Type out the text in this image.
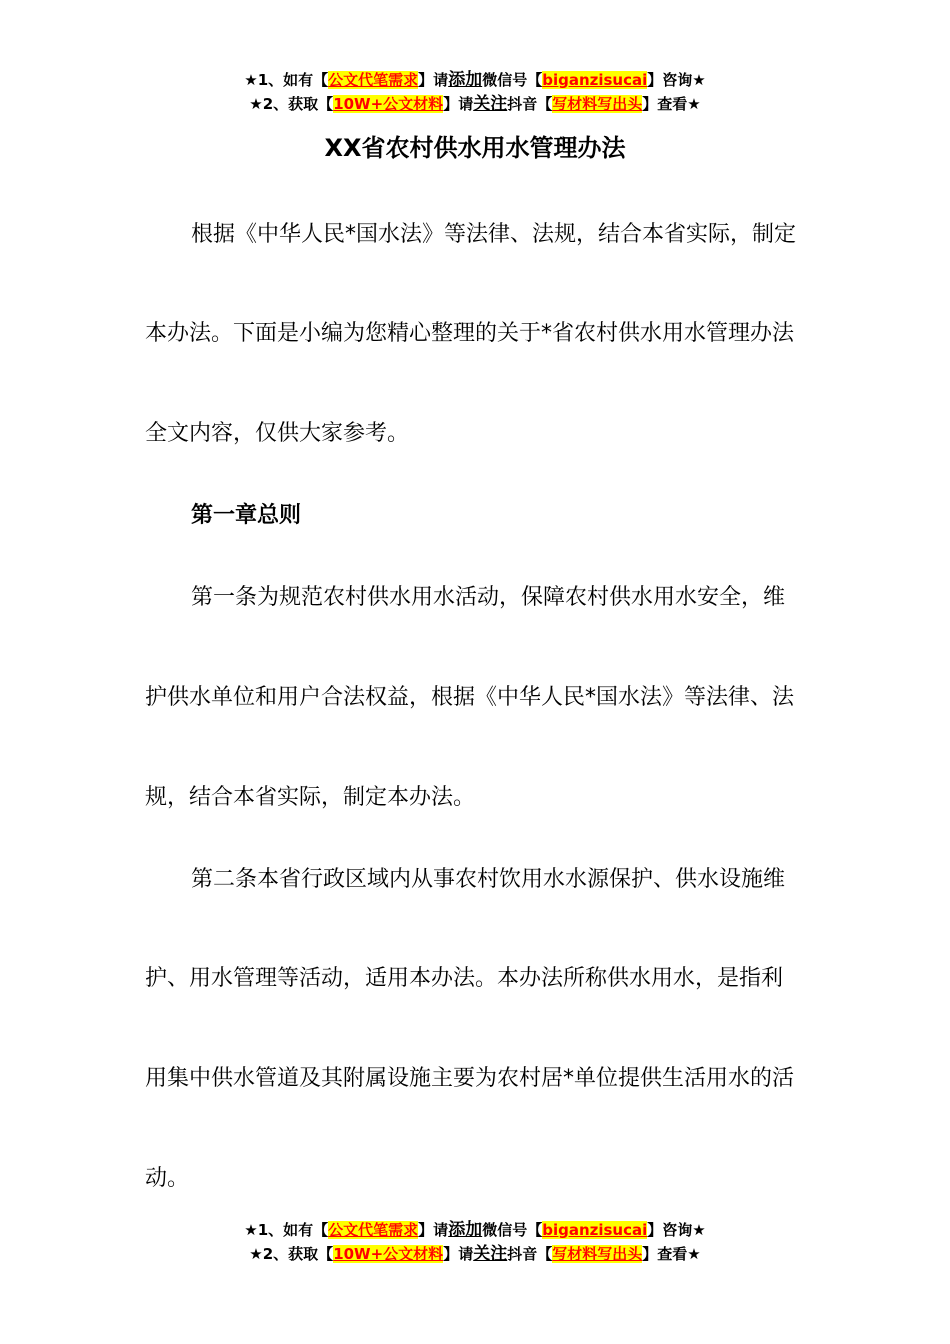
★1、如有【公文代笔需求】请添加微信号【biganzisucai】咨询★
★2、获取【10W+公文材料】请关注抖音【写材料写出头】查看★
XX省农村供水用水管理办法
根据《中华人民*国水法》等法律、法规，结合本省实际，制定
本办法。下面是小编为您精心整理的关于*省农村供水用水管理办法
全文内容，仅供大家参考。
第一章总则
第一条为规范农村供水用水活动，保障农村供水用水安全，维
护供水单位和用户合法权益，根据《中华人民*国水法》等法律、法
规，结合本省实际，制定本办法。
第二条本省行政区域内从事农村饮用水水源保护、供水设施维
护、用水管理等活动，适用本办法。本办法所称供水用水，是指利
用集中供水管道及其附属设施主要为农村居*单位提供生活用水的活
动。
★1、如有【公文代笔需求】请添加微信号【biganzisucai】咨询★
★2、获取【10W+公文材料】请关注抖音【写材料写出头】查看★
